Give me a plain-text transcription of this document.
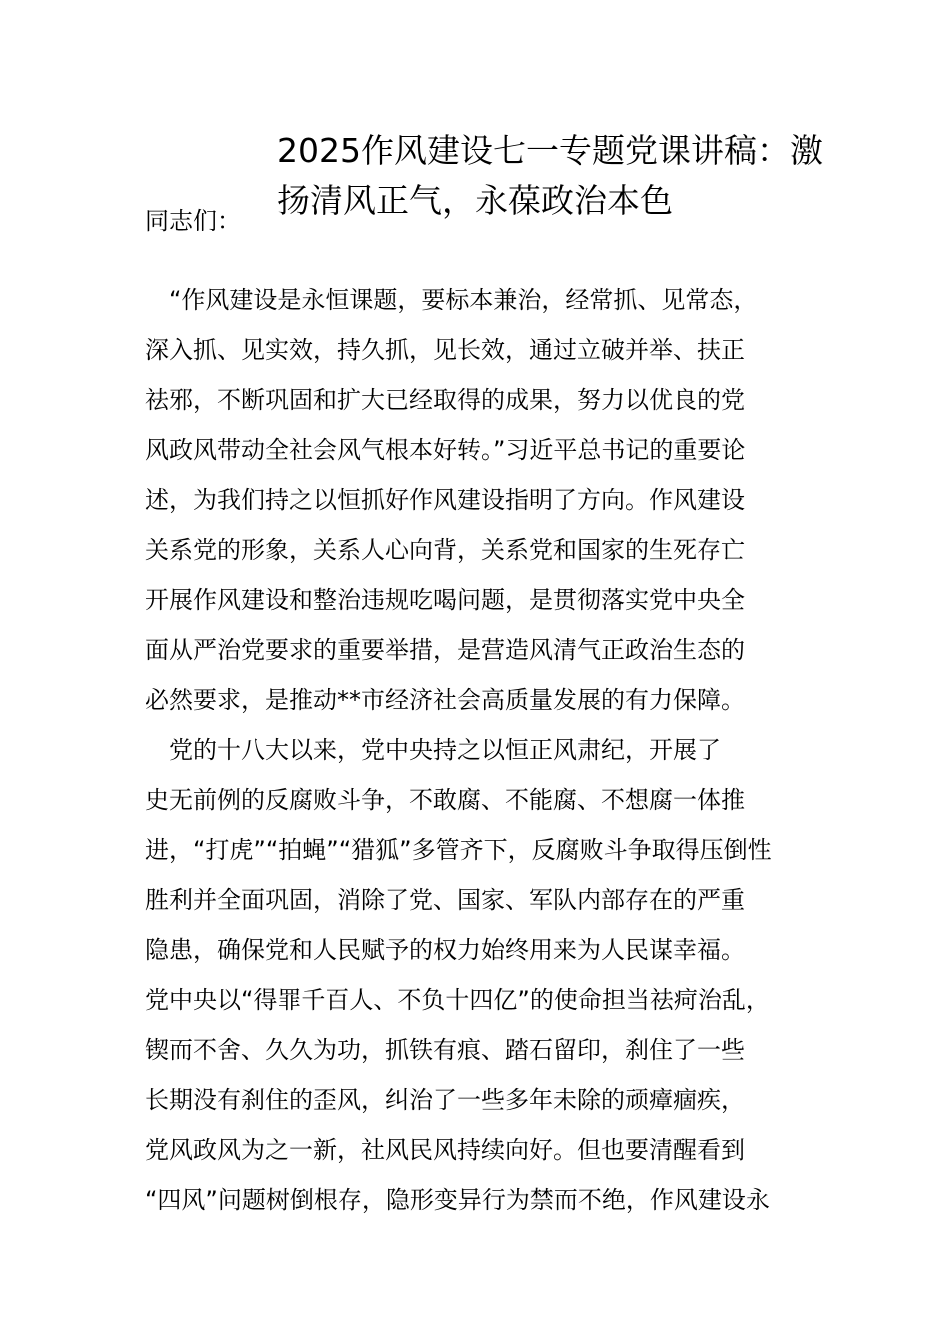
2025作风建设七一专题党课讲稿：激
扬清风正气，永葆政治本色

同志们：

　“作风建设是永恒课题，要标本兼治，经常抓、见常态，

深入抓、见实效，持久抓，见长效，通过立破并举、扶正

祛邪，不断巩固和扩大已经取得的成果，努力以优良的党

风政风带动全社会风气根本好转。”习近平总书记的重要论

述，为我们持之以恒抓好作风建设指明了方向。作风建设

关系党的形象，关系人心向背，关系党和国家的生死存亡

开展作风建设和整治违规吃喝问题，是贯彻落实党中央全

面从严治党要求的重要举措，是营造风清气正政治生态的

必然要求，是推动**市经济社会高质量发展的有力保障。

　党的十八大以来，党中央持之以恒正风肃纪，开展了

史无前例的反腐败斗争，不敢腐、不能腐、不想腐一体推

进，“打虎”“拍蝇”“猎狐”多管齐下，反腐败斗争取得压倒性

胜利并全面巩固，消除了党、国家、军队内部存在的严重

隐患，确保党和人民赋予的权力始终用来为人民谋幸福。

党中央以“得罪千百人、不负十四亿”的使命担当祛疴治乱，

锲而不舍、久久为功，抓铁有痕、踏石留印，刹住了一些

长期没有刹住的歪风，纠治了一些多年未除的顽瘴痼疾，

党风政风为之一新，社风民风持续向好。但也要清醒看到

“四风”问题树倒根存，隐形变异行为禁而不绝，作风建设永
